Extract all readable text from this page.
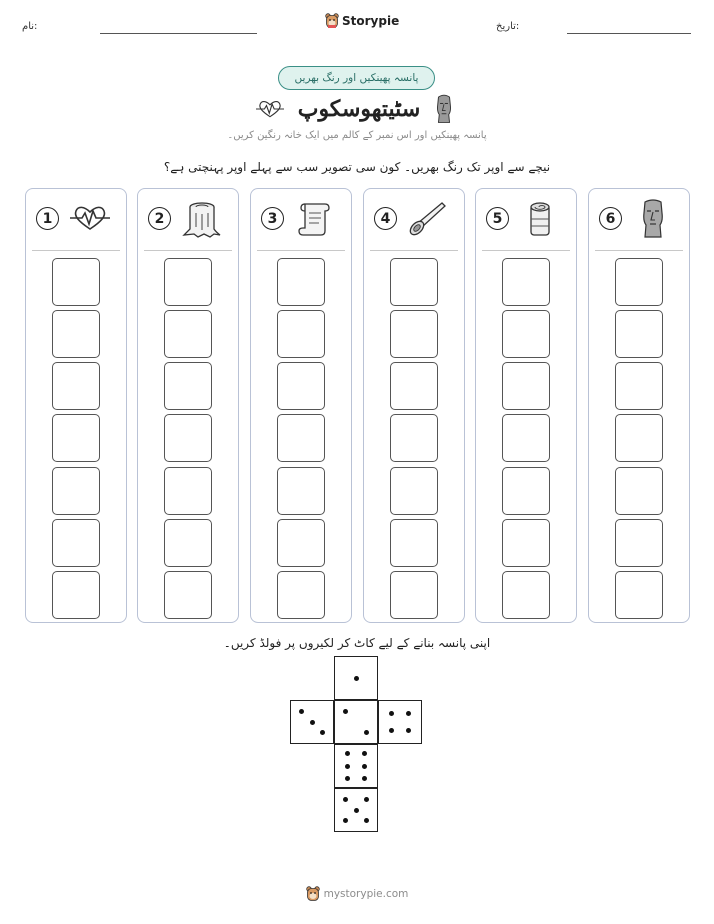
نام:	Storypie	تاریخ:
پانسہ پھینکیں اور رنگ بھریں
سٹیتھوسکوپ
پانسہ پھینکیں اور اس نمبر کے کالم میں ایک خانہ رنگین کریں۔
نیچے سے اوپر تک رنگ بھریں۔ کون سی تصویر سب سے پہلے اوپر پہنچتی ہے؟
1	2	3	4	5	6
اپنی پانسہ بنانے کے لیے کاٹ کر لکیروں پر فولڈ کریں۔
mystorypie.com
